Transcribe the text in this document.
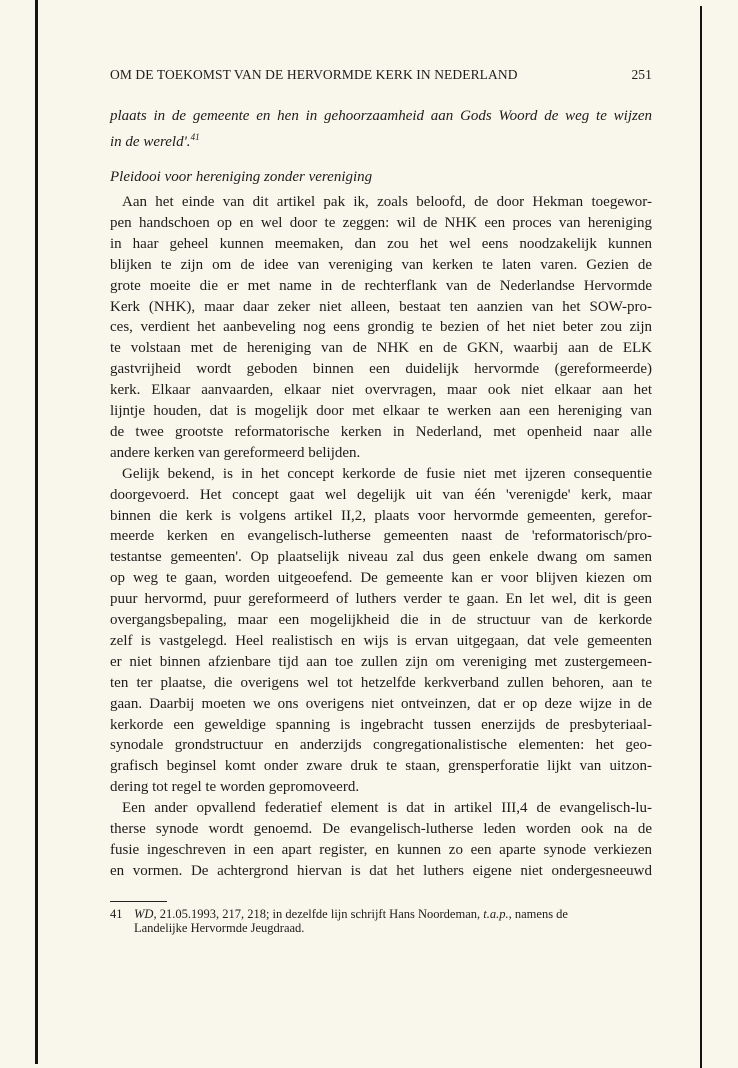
OM DE TOEKOMST VAN DE HERVORMDE KERK IN NEDERLAND	251
plaats in de gemeente en hen in gehoorzaamheid aan Gods Woord de weg te wijzen
in de wereld'.$^{41}$
Pleidooi voor hereniging zonder vereniging
Aan het einde van dit artikel pak ik, zoals beloofd, de door Hekman toegewor-
pen handschoen op en wel door te zeggen: wil de NHK een proces van hereniging
in haar geheel kunnen meemaken, dan zou het wel eens noodzakelijk kunnen
blijken te zijn om de idee van vereniging van kerken te laten varen. Gezien de
grote moeite die er met name in de rechterflank van de Nederlandse Hervormde
Kerk (NHK), maar daar zeker niet alleen, bestaat ten aanzien van het SOW-pro-
ces, verdient het aanbeveling nog eens grondig te bezien of het niet beter zou zijn
te volstaan met de hereniging van de NHK en de GKN, waarbij aan de ELK
gastvrijheid wordt geboden binnen een duidelijk hervormde (gereformeerde)
kerk. Elkaar aanvaarden, elkaar niet overvragen, maar ook niet elkaar aan het
lijntje houden, dat is mogelijk door met elkaar te werken aan een hereniging van
de twee grootste reformatorische kerken in Nederland, met openheid naar alle
andere kerken van gereformeerd belijden.
Gelijk bekend, is in het concept kerkorde de fusie niet met ijzeren consequentie
doorgevoerd. Het concept gaat wel degelijk uit van één 'verenigde' kerk, maar
binnen die kerk is volgens artikel II,2, plaats voor hervormde gemeenten, gerefor-
meerde kerken en evangelisch-lutherse gemeenten naast de 'reformatorisch/pro-
testantse gemeenten'. Op plaatselijk niveau zal dus geen enkele dwang om samen
op weg te gaan, worden uitgeoefend. De gemeente kan er voor blijven kiezen om
puur hervormd, puur gereformeerd of luthers verder te gaan. En let wel, dit is geen
overgangsbepaling, maar een mogelijkheid die in de structuur van de kerkorde
zelf is vastgelegd. Heel realistisch en wijs is ervan uitgegaan, dat vele gemeenten
er niet binnen afzienbare tijd aan toe zullen zijn om vereniging met zustergemeen-
ten ter plaatse, die overigens wel tot hetzelfde kerkverband zullen behoren, aan te
gaan. Daarbij moeten we ons overigens niet ontveinzen, dat er op deze wijze in de
kerkorde een geweldige spanning is ingebracht tussen enerzijds de presbyteriaal-
synodale grondstructuur en anderzijds congregationalistische elementen: het geo-
grafisch beginsel komt onder zware druk te staan, grensperforatie lijkt van uitzon-
dering tot regel te worden gepromoveerd.
Een ander opvallend federatief element is dat in artikel III,4 de evangelisch-lu-
therse synode wordt genoemd. De evangelisch-lutherse leden worden ook na de
fusie ingeschreven in een apart register, en kunnen zo een aparte synode verkiezen
en vormen. De achtergrond hiervan is dat het luthers eigene niet ondergesneeuwd
41 WD, 21.05.1993, 217, 218; in dezelfde lijn schrijft Hans Noordeman, t.a.p., namens de
Landelijke Hervormde Jeugdraad.
